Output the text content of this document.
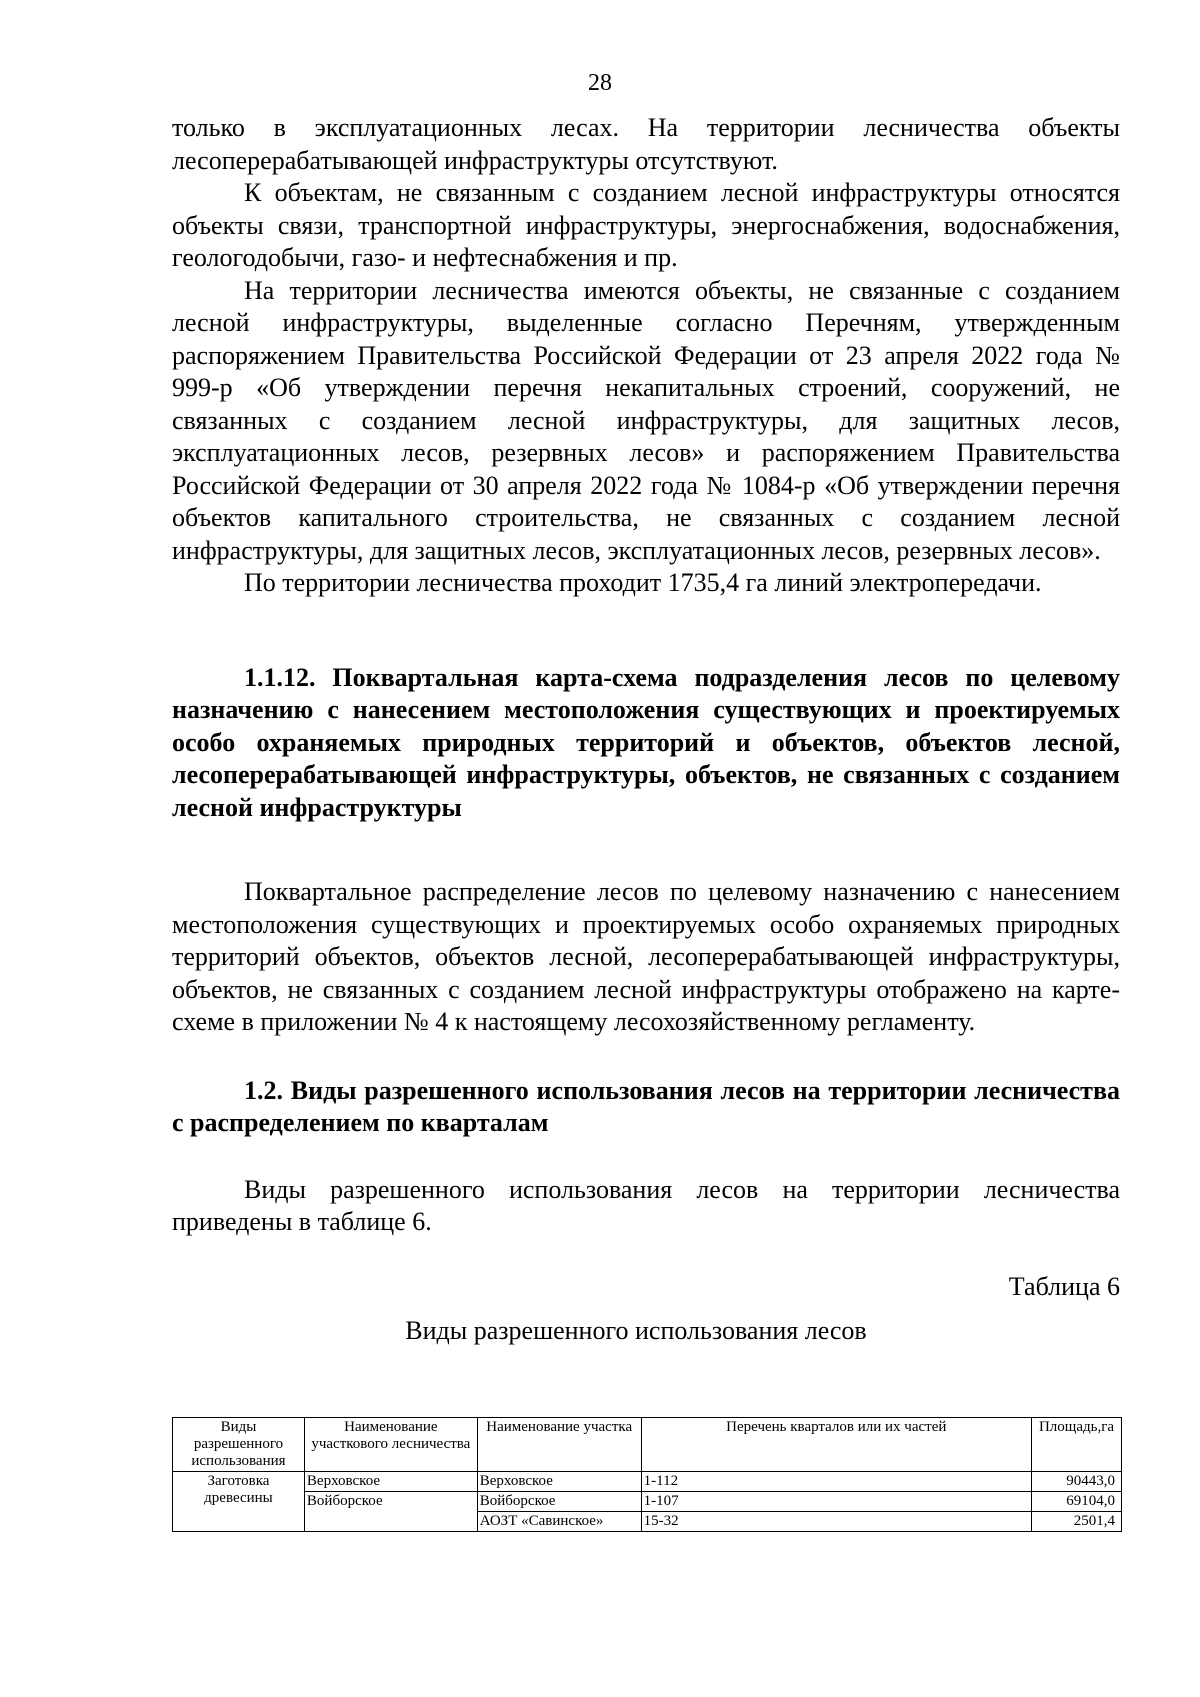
28

только в эксплуатационных лесах. На территории лесничества объекты лесоперерабатывающей инфраструктуры отсутствуют.

К объектам, не связанным с созданием лесной инфраструктуры относятся объекты связи, транспортной инфраструктуры, энергоснабжения, водоснабжения, геологодобычи, газо- и нефтеснабжения и пр.

На территории лесничества имеются объекты, не связанные с созданием лесной инфраструктуры, выделенные согласно Перечням, утвержденным распоряжением Правительства Российской Федерации от 23 апреля 2022 года № 999-р «Об утверждении перечня некапитальных строений, сооружений, не связанных с созданием лесной инфраструктуры, для защитных лесов, эксплуатационных лесов, резервных лесов» и распоряжением Правительства Российской Федерации от 30 апреля 2022 года № 1084-р «Об утверждении перечня объектов капитального строительства, не связанных с созданием лесной инфраструктуры, для защитных лесов, эксплуатационных лесов, резервных лесов».

По территории лесничества проходит 1735,4 га линий электропередачи.

1.1.12. Поквартальная карта-схема подразделения лесов по целевому назначению с нанесением местоположения существующих и проектируемых особо охраняемых природных территорий и объектов, объектов лесной, лесоперерабатывающей инфраструктуры, объектов, не связанных с созданием лесной инфраструктуры

Поквартальное распределение лесов по целевому назначению с нанесением местоположения существующих и проектируемых особо охраняемых природных территорий объектов, объектов лесной, лесоперерабатывающей инфраструктуры, объектов, не связанных с созданием лесной инфраструктуры отображено на карте-схеме в приложении № 4 к настоящему лесохозяйственному регламенту.

1.2. Виды разрешенного использования лесов на территории лесничества с распределением по кварталам

Виды разрешенного использования лесов на территории лесничества приведены в таблице 6.

Таблица 6
Виды разрешенного использования лесов
Виды разрешенного использования	Наименование участкового лесничества	Наименование участка	Перечень кварталов или их частей	Площадь,га
Заготовка древесины	Верховское	Верховское	1-112	90443,0
	Войборское	Войборское	1-107	69104,0
		АОЗТ «Савинское»	15-32	2501,4
